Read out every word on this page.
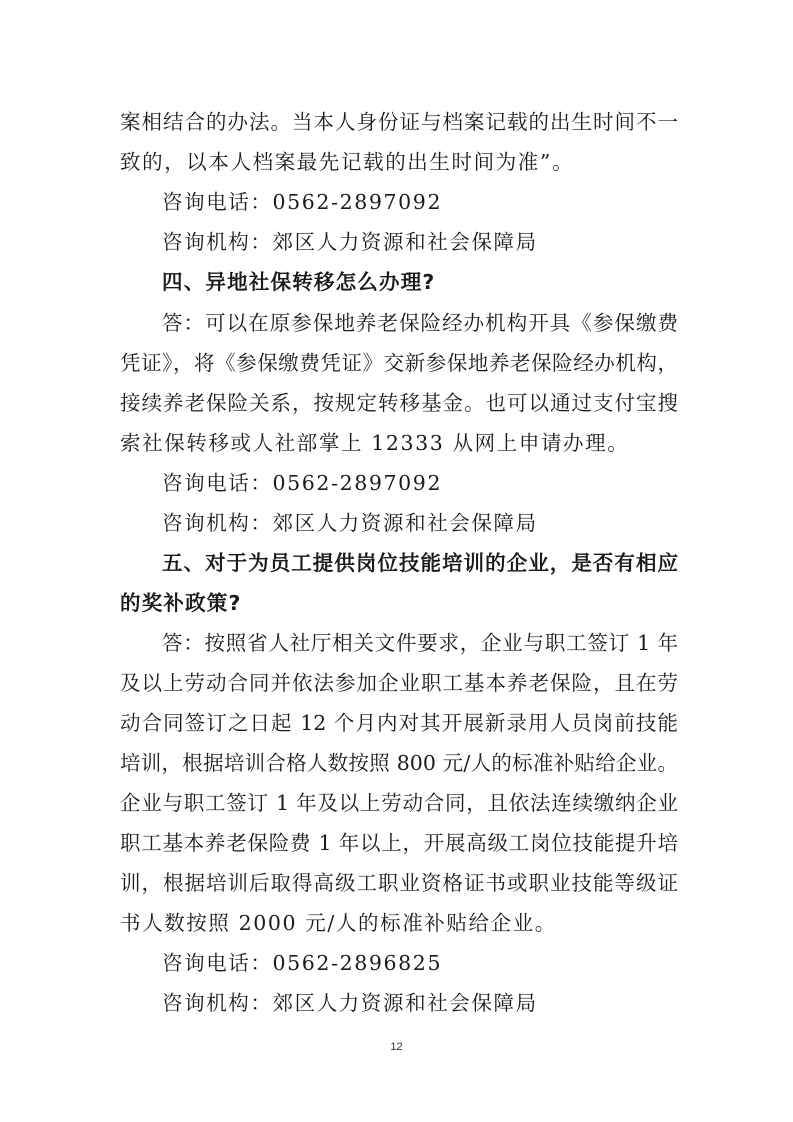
案相结合的办法。当本人身份证与档案记载的出生时间不一
致的，以本人档案最先记载的出生时间为准”。
咨询电话：0562-2897092
咨询机构：郊区人力资源和社会保障局
四、异地社保转移怎么办理?
答：可以在原参保地养老保险经办机构开具《参保缴费
凭证》，将《参保缴费凭证》交新参保地养老保险经办机构，
接续养老保险关系，按规定转移基金。也可以通过支付宝搜
索社保转移或人社部掌上 12333 从网上申请办理。
咨询电话：0562-2897092
咨询机构：郊区人力资源和社会保障局
五、对于为员工提供岗位技能培训的企业，是否有相应
的奖补政策?
答：按照省人社厅相关文件要求，企业与职工签订 1 年
及以上劳动合同并依法参加企业职工基本养老保险，且在劳
动合同签订之日起 12 个月内对其开展新录用人员岗前技能
培训，根据培训合格人数按照 800 元/人的标准补贴给企业。
企业与职工签订 1 年及以上劳动合同，且依法连续缴纳企业
职工基本养老保险费 1 年以上，开展高级工岗位技能提升培
训，根据培训后取得高级工职业资格证书或职业技能等级证
书人数按照 2000 元/人的标准补贴给企业。
咨询电话：0562-2896825
咨询机构：郊区人力资源和社会保障局
12
